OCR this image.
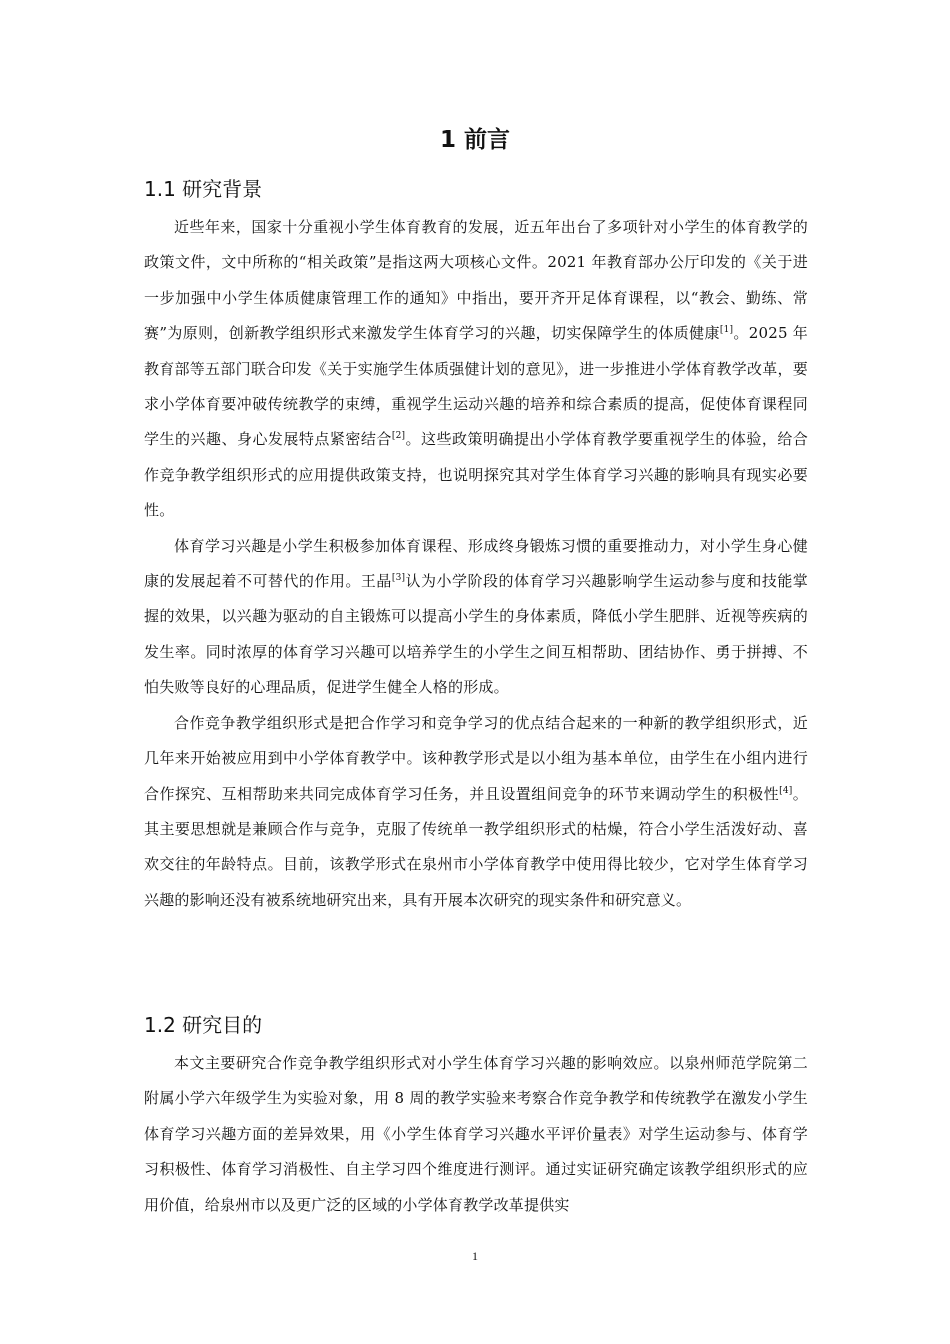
1 前言
1.1 研究背景

近些年来，国家十分重视小学生体育教育的发展，近五年出台了多项针对小学生的体育教学的政策文件，文中所称的“相关政策”是指这两大项核心文件。2021 年教育部办公厅印发的《关于进一步加强中小学生体质健康管理工作的通知》中指出，要开齐开足体育课程，以“教会、勤练、常赛”为原则，创新教学组织形式来激发学生体育学习的兴趣，切实保障学生的体质健康[1]。2025 年教育部等五部门联合印发《关于实施学生体质强健计划的意见》，进一步推进小学体育教学改革，要求小学体育要冲破传统教学的束缚，重视学生运动兴趣的培养和综合素质的提高，促使体育课程同学生的兴趣、身心发展特点紧密结合[2]。这些政策明确提出小学体育教学要重视学生的体验，给合作竞争教学组织形式的应用提供政策支持，也说明探究其对学生体育学习兴趣的影响具有现实必要性。

体育学习兴趣是小学生积极参加体育课程、形成终身锻炼习惯的重要推动力，对小学生身心健康的发展起着不可替代的作用。王晶[3]认为小学阶段的体育学习兴趣影响学生运动参与度和技能掌握的效果，以兴趣为驱动的自主锻炼可以提高小学生的身体素质，降低小学生肥胖、近视等疾病的发生率。同时浓厚的体育学习兴趣可以培养学生的小学生之间互相帮助、团结协作、勇于拼搏、不怕失败等良好的心理品质，促进学生健全人格的形成。

合作竞争教学组织形式是把合作学习和竞争学习的优点结合起来的一种新的教学组织形式，近几年来开始被应用到中小学体育教学中。该种教学形式是以小组为基本单位，由学生在小组内进行合作探究、互相帮助来共同完成体育学习任务，并且设置组间竞争的环节来调动学生的积极性[4]。其主要思想就是兼顾合作与竞争，克服了传统单一教学组织形式的枯燥，符合小学生活泼好动、喜欢交往的年龄特点。目前，该教学形式在泉州市小学体育教学中使用得比较少，它对学生体育学习兴趣的影响还没有被系统地研究出来，具有开展本次研究的现实条件和研究意义。

1.2 研究目的

本文主要研究合作竞争教学组织形式对小学生体育学习兴趣的影响效应。以泉州师范学院第二附属小学六年级学生为实验对象，用 8 周的教学实验来考察合作竞争教学和传统教学在激发小学生体育学习兴趣方面的差异效果，用《小学生体育学习兴趣水平评价量表》对学生运动参与、体育学习积极性、体育学习消极性、自主学习四个维度进行测评。通过实证研究确定该教学组织形式的应用价值，给泉州市以及更广泛的区域的小学体育教学改革提供实

1
